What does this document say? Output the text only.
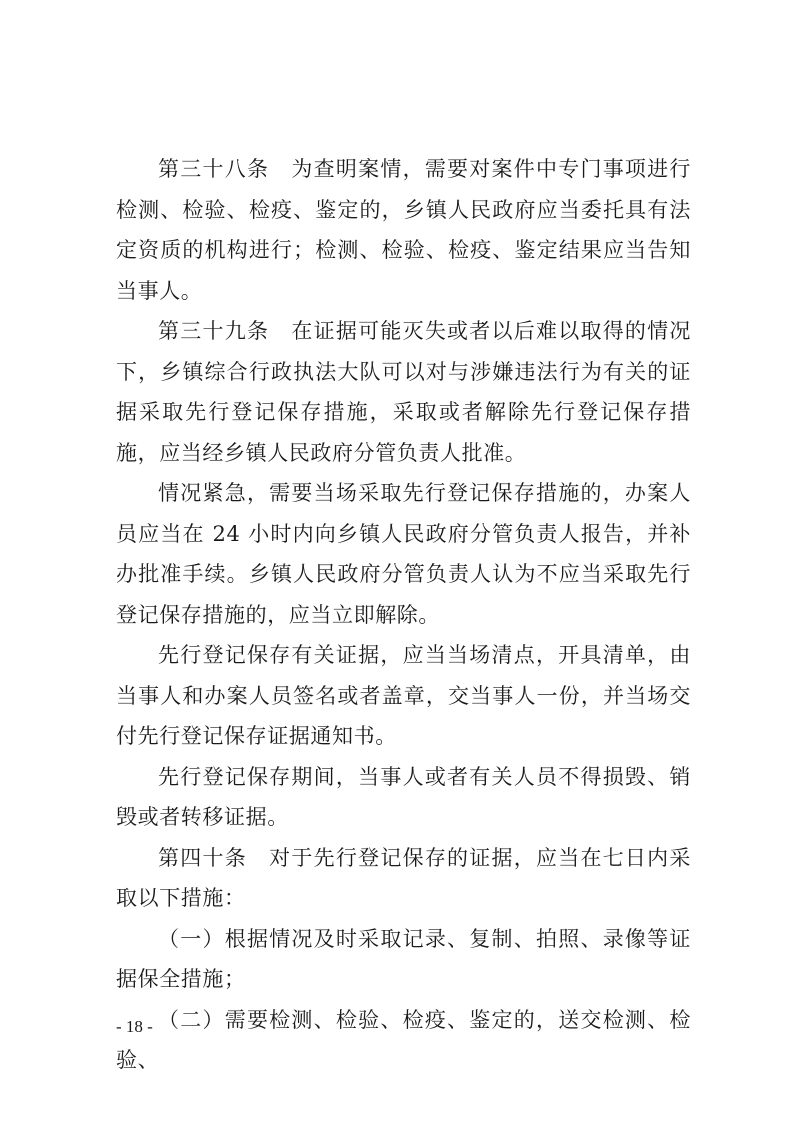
第三十八条　为查明案情，需要对案件中专门事项进行检测、检验、检疫、鉴定的，乡镇人民政府应当委托具有法定资质的机构进行；检测、检验、检疫、鉴定结果应当告知当事人。

第三十九条　在证据可能灭失或者以后难以取得的情况下，乡镇综合行政执法大队可以对与涉嫌违法行为有关的证据采取先行登记保存措施，采取或者解除先行登记保存措施，应当经乡镇人民政府分管负责人批准。

情况紧急，需要当场采取先行登记保存措施的，办案人员应当在 24 小时内向乡镇人民政府分管负责人报告，并补办批准手续。乡镇人民政府分管负责人认为不应当采取先行登记保存措施的，应当立即解除。

先行登记保存有关证据，应当当场清点，开具清单，由当事人和办案人员签名或者盖章，交当事人一份，并当场交付先行登记保存证据通知书。

先行登记保存期间，当事人或者有关人员不得损毁、销毁或者转移证据。

第四十条　对于先行登记保存的证据，应当在七日内采取以下措施：

（一）根据情况及时采取记录、复制、拍照、录像等证据保全措施；

（二）需要检测、检验、检疫、鉴定的，送交检测、检验、

- 18 -
